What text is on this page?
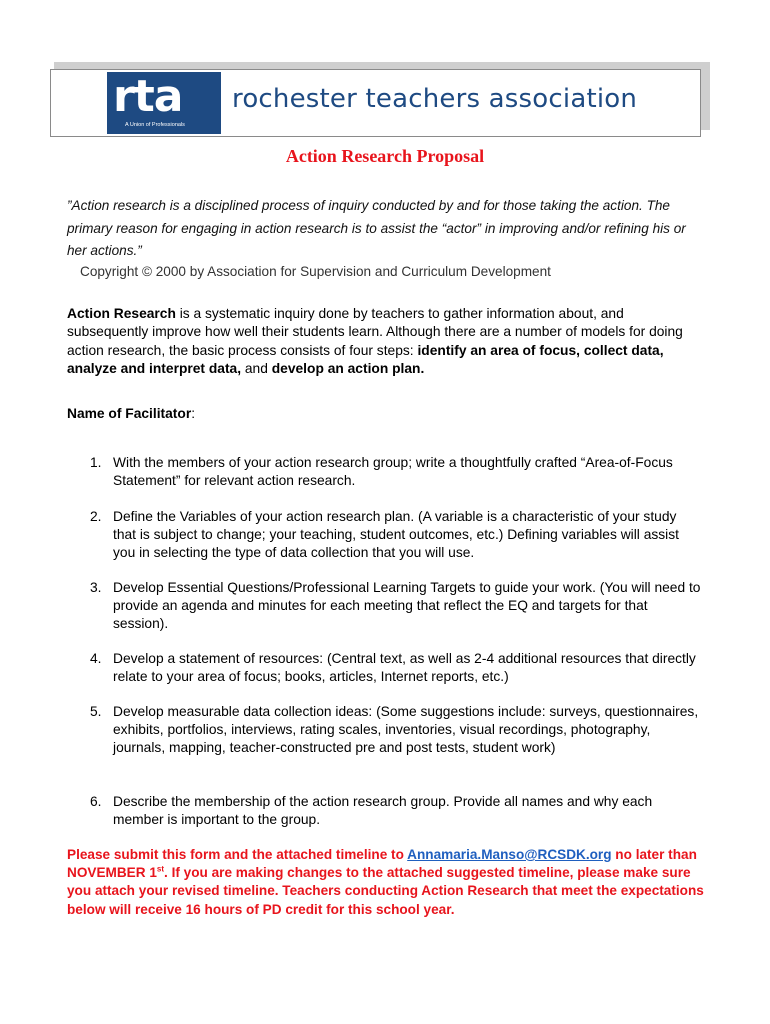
rta
A Union of Professionals
rochester teachers association
Action Research Proposal
”Action research is a disciplined process of inquiry conducted by and for those taking the action. The primary reason for engaging in action research is to assist the “actor” in improving and/or refining his or her actions.”
Copyright © 2000 by Association for Supervision and Curriculum Development
Action Research is a systematic inquiry done by teachers to gather information about, and subsequently improve how well their students learn. Although there are a number of models for doing action research, the basic process consists of four steps: identify an area of focus, collect data, analyze and interpret data, and develop an action plan.
Name of Facilitator:
1. With the members of your action research group; write a thoughtfully crafted “Area-of-Focus Statement” for relevant action research.
2. Define the Variables of your action research plan. (A variable is a characteristic of your study that is subject to change; your teaching, student outcomes, etc.) Defining variables will assist you in selecting the type of data collection that you will use.
3. Develop Essential Questions/Professional Learning Targets to guide your work. (You will need to provide an agenda and minutes for each meeting that reflect the EQ and targets for that session).
4. Develop a statement of resources: (Central text, as well as 2-4 additional resources that directly relate to your area of focus; books, articles, Internet reports, etc.)
5. Develop measurable data collection ideas: (Some suggestions include: surveys, questionnaires, exhibits, portfolios, interviews, rating scales, inventories, visual recordings, photography, journals, mapping, teacher-constructed pre and post tests, student work)
6. Describe the membership of the action research group. Provide all names and why each member is important to the group.
Please submit this form and the attached timeline to Annamaria.Manso@RCSDK.org no later than NOVEMBER 1st. If you are making changes to the attached suggested timeline, please make sure you attach your revised timeline. Teachers conducting Action Research that meet the expectations below will receive 16 hours of PD credit for this school year.
